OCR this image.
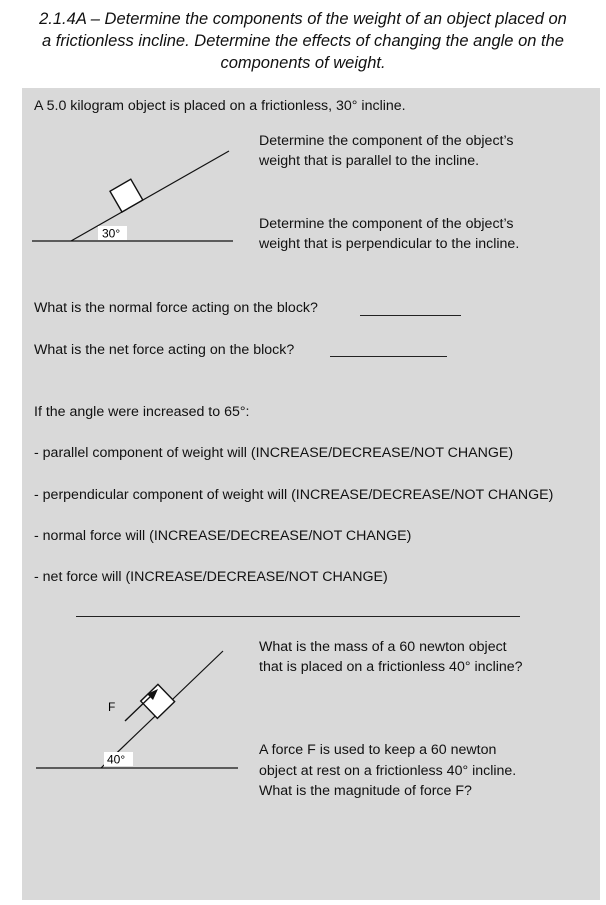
2.1.4A – Determine the components of the weight of an object placed on
a frictionless incline. Determine the effects of changing the angle on the
components of weight.
A 5.0 kilogram object is placed on a frictionless, 30° incline.
30°
Determine the component of the object’s
weight that is parallel to the incline.
Determine the component of the object’s
weight that is perpendicular to the incline.
What is the normal force acting on the block?
What is the net force acting on the block?
If the angle were increased to 65°:
- parallel component of weight will (INCREASE/DECREASE/NOT CHANGE)
- perpendicular component of weight will (INCREASE/DECREASE/NOT CHANGE)
- normal force will (INCREASE/DECREASE/NOT CHANGE)
- net force will (INCREASE/DECREASE/NOT CHANGE)
F
40°
What is the mass of a 60 newton object
that is placed on a frictionless 40° incline?
A force F is used to keep a 60 newton
object at rest on a frictionless 40° incline.
What is the magnitude of force F?
